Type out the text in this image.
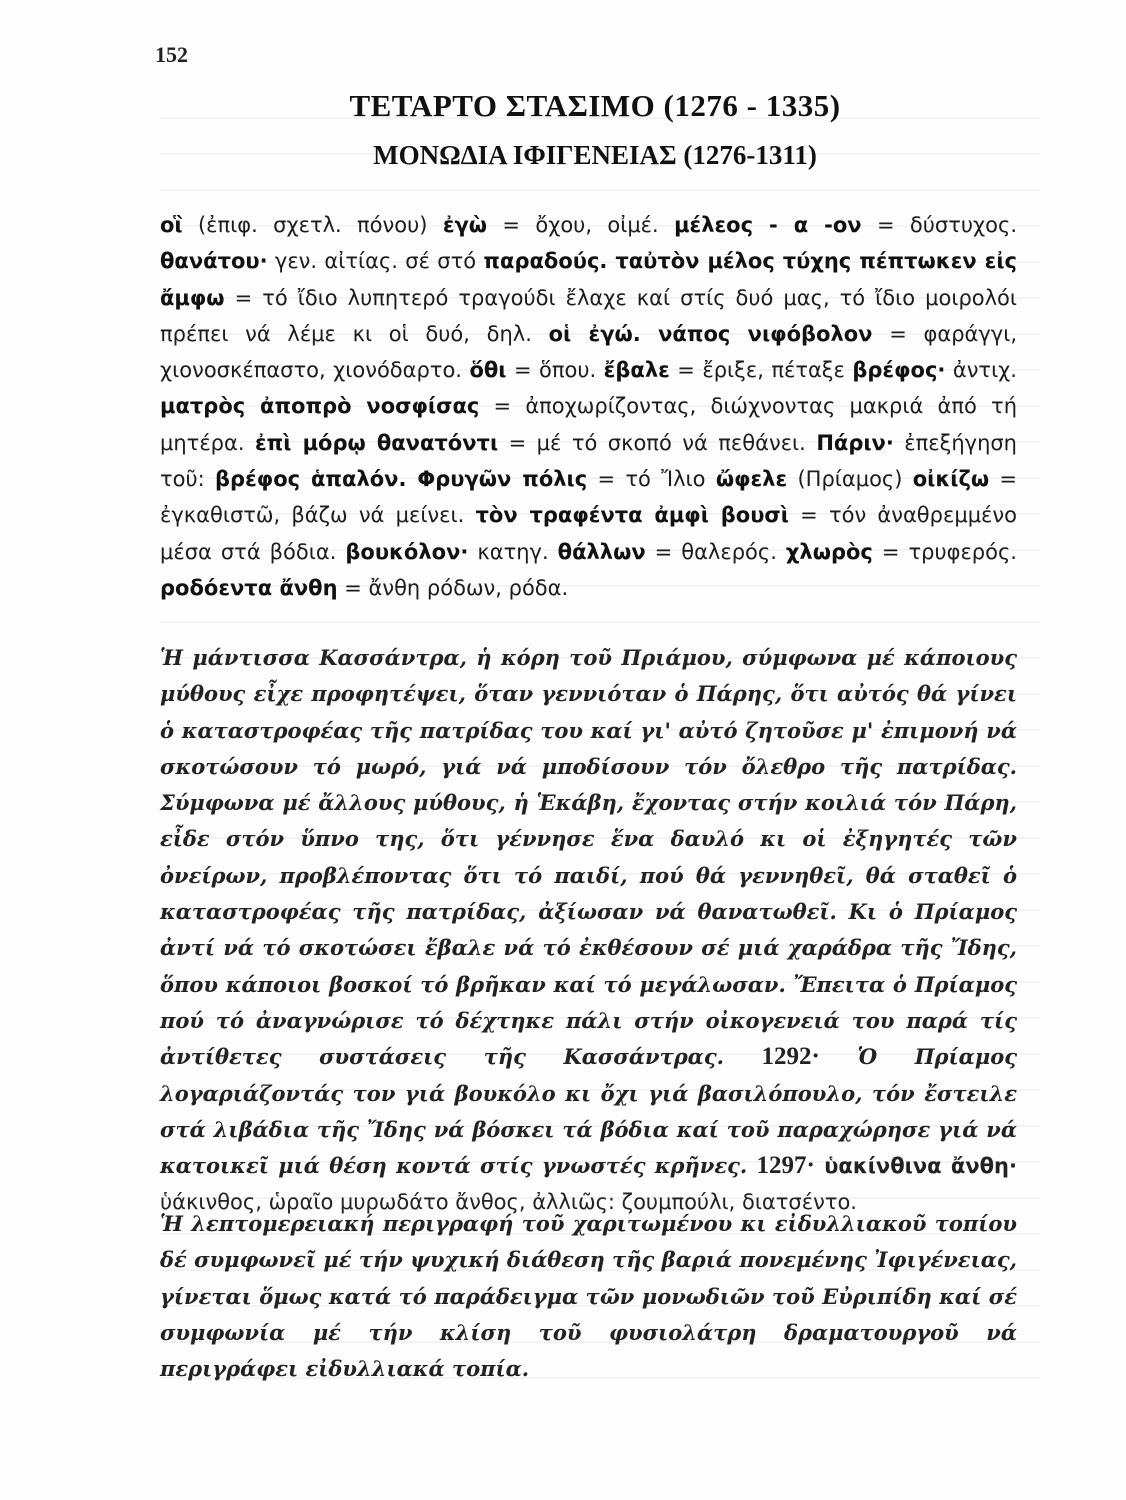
152
ΤΕΤΑΡΤΟ ΣΤΑΣΙΜΟ (1276 - 1335)
ΜΟΝΩΔΙΑ ΙΦΙΓΕΝΕΙΑΣ (1276-1311)
οἳ (ἐπιφ. σχετλ. πόνου) ἐγὼ = ὄχου, οἰμέ. μέλεος - α -ον = δύστυχος. θανάτου· γεν. αἰτίας. σέ στό παραδούς. ταὐτὸν μέλος τύχης πέπτωκεν εἰς ἄμφω = τό ἴδιο λυπητερό τραγούδι ἔλαχε καί στίς δυό μας, τό ἴδιο μοιρολόι πρέπει νά λέμε κι οἱ δυό, δηλ. οἱ ἐγώ. νάπος νιφόβολον = φαράγγι, χιονοσκέπαστο, χιονόδαρτο. ὅθι = ὅπου. ἔβαλε = ἔριξε, πέταξε βρέφος· ἀντιχ. ματρὸς ἀποπρὸ νοσφίσας = ἀποχωρίζοντας, διώχνοντας μακριά ἀπό τή μητέρα. ἐπὶ μόρῳ θανατόντι = μέ τό σκοπό νά πεθάνει. Πάριν· ἐπεξήγηση τοῦ: βρέφος ἁπαλόν. Φρυγῶν πόλις = τό Ἴλιο ὤφελε (Πρίαμος) οἰκίζω = ἐγκαθιστῶ, βάζω νά μείνει. τὸν τραφέντα ἀμφὶ βουσὶ = τόν ἀναθρεμμένο μέσα στά βόδια. βουκόλον· κατηγ. θάλλων = θαλερός. χλωρὸς = τρυφερός. ροδόεντα ἄνθη = ἄνθη ρόδων, ρόδα.
Ἡ μάντισσα Κασσάντρα, ἡ κόρη τοῦ Πριάμου, σύμφωνα μέ κάποιους μύθους εἶχε προφητέψει, ὅταν γεννιόταν ὁ Πάρης, ὅτι αὐτός θά γίνει ὁ καταστροφέας τῆς πατρίδας του καί γι' αὐτό ζητοῦσε μ' ἐπιμονή νά σκοτώσουν τό μωρό, γιά νά μποδίσουν τόν ὄλεθρο τῆς πατρίδας. Σύμφωνα μέ ἄλλους μύθους, ἡ Ἑκάβη, ἔχοντας στήν κοιλιά τόν Πάρη, εἶδε στόν ὕπνο της, ὅτι γέννησε ἕνα δαυλό κι οἱ ἐξηγητές τῶν ὀνείρων, προβλέποντας ὅτι τό παιδί, πού θά γεννηθεῖ, θά σταθεῖ ὁ καταστροφέας τῆς πατρίδας, ἀξίωσαν νά θανατωθεῖ. Κι ὁ Πρίαμος ἀντί νά τό σκοτώσει ἔβαλε νά τό ἐκθέσουν σέ μιά χαράδρα τῆς Ἴδης, ὅπου κάποιοι βοσκοί τό βρῆκαν καί τό μεγάλωσαν. Ἔπειτα ὁ Πρίαμος πού τό ἀναγνώρισε τό δέχτηκε πάλι στήν οἰκογενειά του παρά τίς ἀντίθετες συστάσεις τῆς Κασσάντρας. 1292· Ὁ Πρίαμος λογαριάζοντάς τον γιά βουκόλο κι ὄχι γιά βασιλόπουλο, τόν ἔστειλε στά λιβάδια τῆς Ἴδης νά βόσκει τά βόδια καί τοῦ παραχώρησε γιά νά κατοικεῖ μιά θέση κοντά στίς γνωστές κρῆνες. 1297· ὑακίνθινα ἄνθη· ὑάκινθος, ὡραῖο μυρωδάτο ἄνθος, ἀλλιῶς: ζουμπούλι, διατσέντο.
Ἡ λεπτομερειακή περιγραφή τοῦ χαριτωμένου κι εἰδυλλιακοῦ τοπίου δέ συμφωνεῖ μέ τήν ψυχική διάθεση τῆς βαριά πονεμένης Ἰφιγένειας, γίνεται ὅμως κατά τό παράδειγμα τῶν μονωδιῶν τοῦ Εὐριπίδη καί σέ συμφωνία μέ τήν κλίση τοῦ φυσιολάτρη δραματουργοῦ νά περιγράφει εἰδυλλιακά τοπία.
